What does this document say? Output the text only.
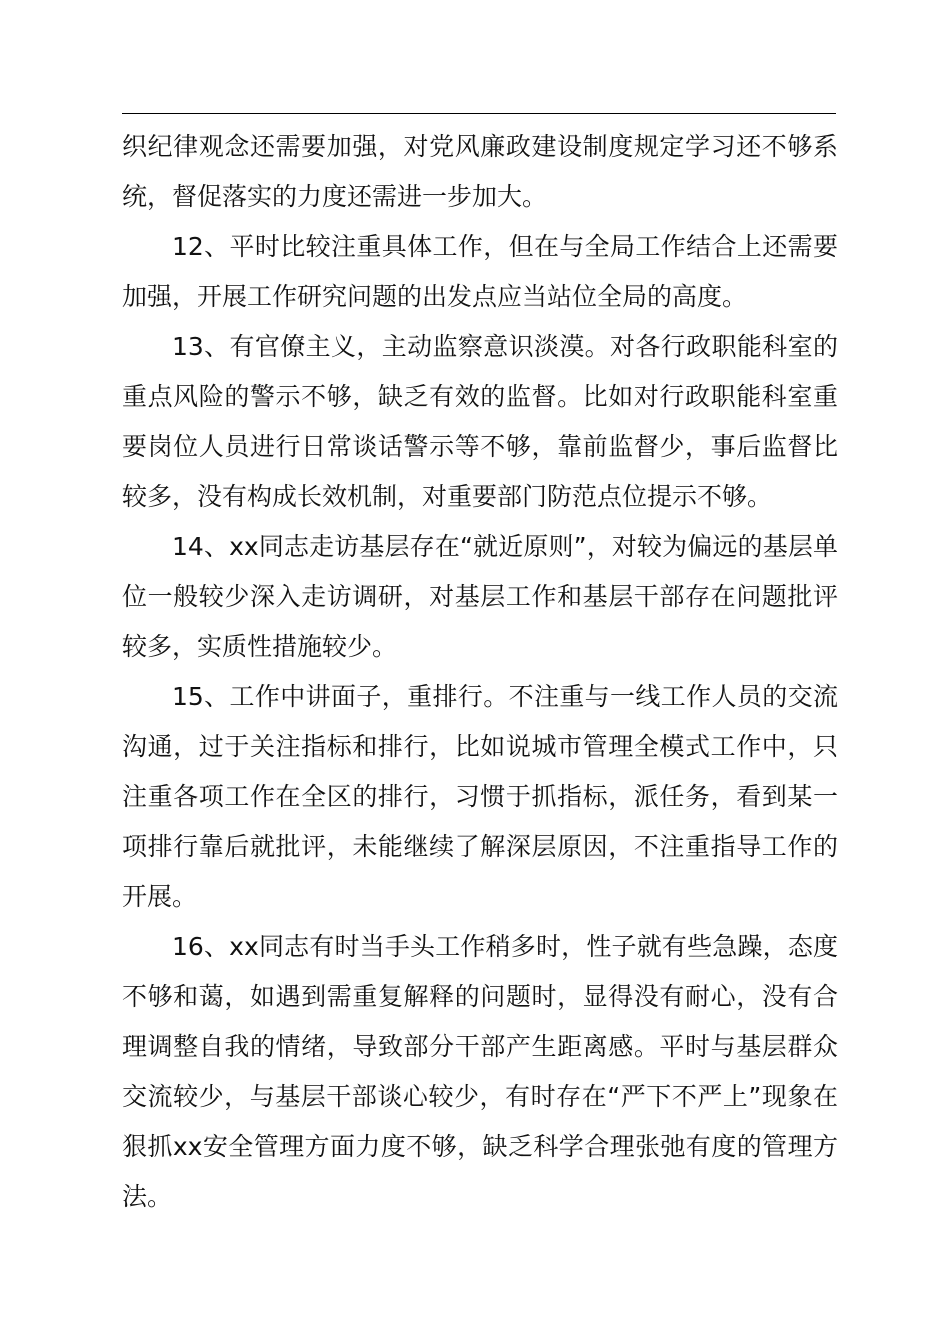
织纪律观念还需要加强，对党风廉政建设制度规定学习还不够系统，督促落实的力度还需进一步加大。

12、平时比较注重具体工作，但在与全局工作结合上还需要加强，开展工作研究问题的出发点应当站位全局的高度。

13、有官僚主义，主动监察意识淡漠。对各行政职能科室的重点风险的警示不够，缺乏有效的监督。比如对行政职能科室重要岗位人员进行日常谈话警示等不够，靠前监督少，事后监督比较多，没有构成长效机制，对重要部门防范点位提示不够。

14、xx同志走访基层存在“就近原则”，对较为偏远的基层单位一般较少深入走访调研，对基层工作和基层干部存在问题批评较多，实质性措施较少。

15、工作中讲面子，重排行。不注重与一线工作人员的交流沟通，过于关注指标和排行，比如说城市管理全模式工作中，只注重各项工作在全区的排行，习惯于抓指标，派任务，看到某一项排行靠后就批评，未能继续了解深层原因，不注重指导工作的开展。

16、xx同志有时当手头工作稍多时，性子就有些急躁，态度不够和蔼，如遇到需重复解释的问题时，显得没有耐心，没有合理调整自我的情绪，导致部分干部产生距离感。平时与基层群众交流较少，与基层干部谈心较少，有时存在“严下不严上”现象在狠抓xx安全管理方面力度不够，缺乏科学合理张弛有度的管理方法。
